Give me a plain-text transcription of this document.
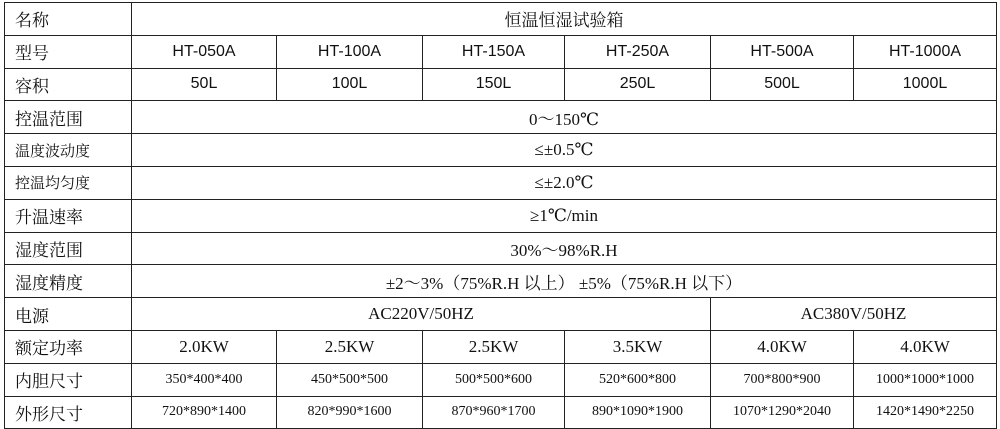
名称	恒温恒湿试验箱					
型号	HT-050A	HT-100A	HT-150A	HT-250A	HT-500A	HT-1000A
容积	50L	100L	150L	250L	500L	1000L
控温范围	0～150℃					
温度波动度	≤±0.5℃					
控温均匀度	≤±2.0℃					
升温速率	≥1℃/min					
湿度范围	30%～98%R.H					
湿度精度	±2～3%（75%R.H 以上） ±5%（75%R.H 以下）					
电源	AC220V/50HZ				AC380V/50HZ	
额定功率	2.0KW	2.5KW	2.5KW	3.5KW	4.0KW	4.0KW
内胆尺寸	350*400*400	450*500*500	500*500*600	520*600*800	700*800*900	1000*1000*1000
外形尺寸	720*890*1400	820*990*1600	870*960*1700	890*1090*1900	1070*1290*2040	1420*1490*2250
